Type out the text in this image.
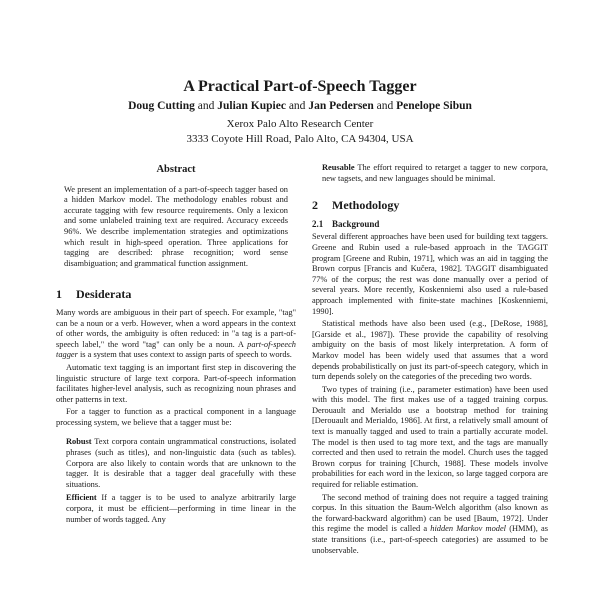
A Practical Part-of-Speech Tagger
Doug Cutting and Julian Kupiec and Jan Pedersen and Penelope Sibun
Xerox Palo Alto Research Center
3333 Coyote Hill Road, Palo Alto, CA 94304, USA
Abstract

We present an implementation of a part-of-speech tagger based on a hidden Markov model. The methodology enables robust and accurate tagging with few resource requirements. Only a lexicon and some unlabeled training text are required. Accuracy exceeds 96%. We describe implementation strategies and optimizations which result in high-speed operation. Three applications for tagging are described: phrase recognition; word sense disambiguation; and grammatical function assignment.

1 Desiderata

Many words are ambiguous in their part of speech. For example, "tag" can be a noun or a verb. However, when a word appears in the context of other words, the ambiguity is often reduced: in "a tag is a part-of-speech label," the word "tag" can only be a noun. A part-of-speech tagger is a system that uses context to assign parts of speech to words.

Automatic text tagging is an important first step in discovering the linguistic structure of large text corpora. Part-of-speech information facilitates higher-level analysis, such as recognizing noun phrases and other patterns in text.

For a tagger to function as a practical component in a language processing system, we believe that a tagger must be:

Robust Text corpora contain ungrammatical constructions, isolated phrases (such as titles), and non-linguistic data (such as tables). Corpora are also likely to contain words that are unknown to the tagger. It is desirable that a tagger deal gracefully with these situations.

Efficient If a tagger is to be used to analyze arbitrarily large corpora, it must be efficient—performing in time linear in the number of words tagged. Any

Reusable The effort required to retarget a tagger to new corpora, new tagsets, and new languages should be minimal.

2 Methodology
2.1 Background

Several different approaches have been used for building text taggers. Greene and Rubin used a rule-based approach in the TAGGIT program [Greene and Rubin, 1971], which was an aid in tagging the Brown corpus [Francis and Kučera, 1982]. TAGGIT disambiguated 77% of the corpus; the rest was done manually over a period of several years. More recently, Koskenniemi also used a rule-based approach implemented with finite-state machines [Koskenniemi, 1990].

Statistical methods have also been used (e.g., [DeRose, 1988], [Garside et al., 1987]). These provide the capability of resolving ambiguity on the basis of most likely interpretation. A form of Markov model has been widely used that assumes that a word depends probabilistically on just its part-of-speech category, which in turn depends solely on the categories of the preceding two words.

Two types of training (i.e., parameter estimation) have been used with this model. The first makes use of a tagged training corpus. Derouault and Merialdo use a bootstrap method for training [Derouault and Merialdo, 1986]. At first, a relatively small amount of text is manually tagged and used to train a partially accurate model. The model is then used to tag more text, and the tags are manually corrected and then used to retrain the model. Church uses the tagged Brown corpus for training [Church, 1988]. These models involve probabilities for each word in the lexicon, so large tagged corpora are required for reliable estimation.

The second method of training does not require a tagged training corpus. In this situation the Baum-Welch algorithm (also known as the forward-backward algorithm) can be used [Baum, 1972]. Under this regime the model is called a hidden Markov model (HMM), as state transitions (i.e., part-of-speech categories) are assumed to be unobservable.
